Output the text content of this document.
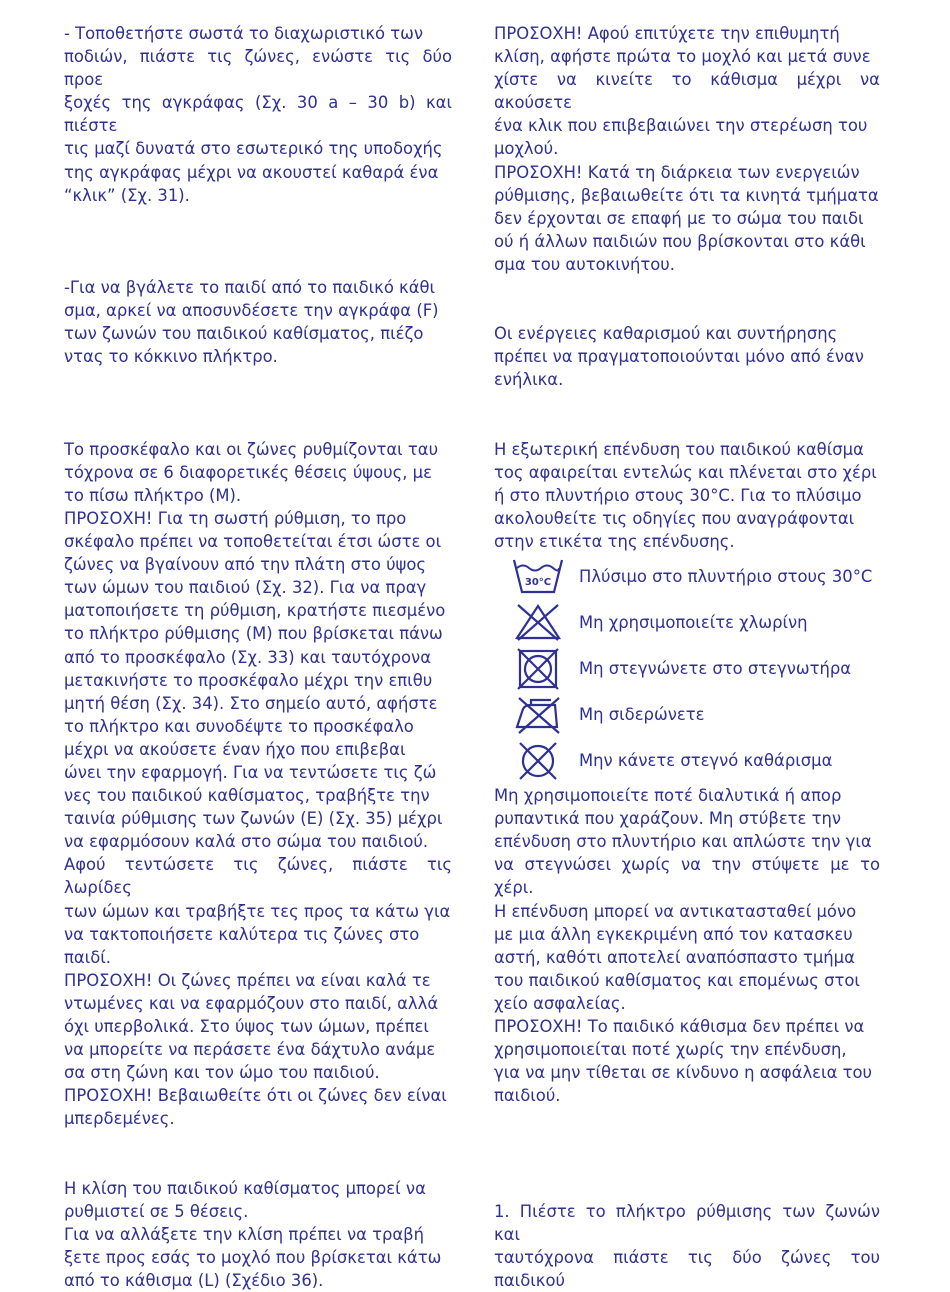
- Τοποθετήστε σωστά το διαχωριστικό των
ποδιών, πιάστε τις ζώνες, ενώστε τις δύο προε
ξοχές της αγκράφας (Σχ. 30 a – 30 b) και πιέστε
τις μαζί δυνατά στο εσωτερικό της υποδοχής
της αγκράφας μέχρι να ακουστεί καθαρά ένα
“κλικ” (Σχ. 31).

-Για να βγάλετε το παιδί από το παιδικό κάθι
σμα, αρκεί να αποσυνδέσετε την αγκράφα (F)
των ζωνών του παιδικού καθίσματος, πιέζο
ντας το κόκκινο πλήκτρο.

Το προσκέφαλο και οι ζώνες ρυθμίζονται ταυ
τόχρονα σε 6 διαφορετικές θέσεις ύψους, με
το πίσω πλήκτρο (M).
ΠΡΟΣΟΧΗ! Για τη σωστή ρύθμιση, το προ
σκέφαλο πρέπει να τοποθετείται έτσι ώστε οι
ζώνες να βγαίνουν από την πλάτη στο ύψος
των ώμων του παιδιού (Σχ. 32). Για να πραγ
ματοποιήσετε τη ρύθμιση, κρατήστε πιεσμένο
το πλήκτρο ρύθμισης (M) που βρίσκεται πάνω
από το προσκέφαλο (Σχ. 33) και ταυτόχρονα
μετακινήστε το προσκέφαλο μέχρι την επιθυ
μητή θέση (Σχ. 34). Στο σημείο αυτό, αφήστε
το πλήκτρο και συνοδέψτε το προσκέφαλο
μέχρι να ακούσετε έναν ήχο που επιβεβαι
ώνει την εφαρμογή. Για να τεντώσετε τις ζώ
νες του παιδικού καθίσματος, τραβήξτε την
ταινία ρύθμισης των ζωνών (E) (Σχ. 35) μέχρι
να εφαρμόσουν καλά στο σώμα του παιδιού.
Αφού τεντώσετε τις ζώνες, πιάστε τις λωρίδες
των ώμων και τραβήξτε τες προς τα κάτω για
να τακτοποιήσετε καλύτερα τις ζώνες στο
παιδί.
ΠΡΟΣΟΧΗ! Οι ζώνες πρέπει να είναι καλά τε
ντωμένες και να εφαρμόζουν στο παιδί, αλλά
όχι υπερβολικά. Στο ύψος των ώμων, πρέπει
να μπορείτε να περάσετε ένα δάχτυλο ανάμε
σα στη ζώνη και τον ώμο του παιδιού.
ΠΡΟΣΟΧΗ! Βεβαιωθείτε ότι οι ζώνες δεν είναι
μπερδεμένες.

Η κλίση του παιδικού καθίσματος μπορεί να
ρυθμιστεί σε 5 θέσεις.
Για να αλλάξετε την κλίση πρέπει να τραβή
ξετε προς εσάς το μοχλό που βρίσκεται κάτω
από το κάθισμα (L) (Σχέδιο 36).

ΠΡΟΣΟΧΗ! Αφού επιτύχετε την επιθυμητή
κλίση, αφήστε πρώτα το μοχλό και μετά συνε
χίστε να κινείτε το κάθισμα μέχρι να ακούσετε
ένα κλικ που επιβεβαιώνει την στερέωση του
μοχλού.
ΠΡΟΣΟΧΗ! Κατά τη διάρκεια των ενεργειών
ρύθμισης, βεβαιωθείτε ότι τα κινητά τμήματα
δεν έρχονται σε επαφή με το σώμα του παιδι
ού ή άλλων παιδιών που βρίσκονται στο κάθι
σμα του αυτοκινήτου.

Οι ενέργειες καθαρισμού και συντήρησης
πρέπει να πραγματοποιούνται μόνο από έναν
ενήλικα.

Η εξωτερική επένδυση του παιδικού καθίσμα
τος αφαιρείται εντελώς και πλένεται στο χέρι
ή στο πλυντήριο στους 30°C. Για το πλύσιμο
ακολουθείτε τις οδηγίες που αναγράφονται
στην ετικέτα της επένδυσης.

30°C Πλύσιμο στο πλυντήριο στους 30°C
Μη χρησιμοποιείτε χλωρίνη
Μη στεγνώνετε στο στεγνωτήρα
Μη σιδερώνετε
Μην κάνετε στεγνό καθάρισμα

Μη χρησιμοποιείτε ποτέ διαλυτικά ή απορ
ρυπαντικά που χαράζουν. Μη στύβετε την
επένδυση στο πλυντήριο και απλώστε την για
να στεγνώσει χωρίς να την στύψετε με το χέρι.
Η επένδυση μπορεί να αντικατασταθεί μόνο
με μια άλλη εγκεκριμένη από τον κατασκευ
αστή, καθότι αποτελεί αναπόσπαστο τμήμα
του παιδικού καθίσματος και επομένως στοι
χείο ασφαλείας.
ΠΡΟΣΟΧΗ! Το παιδικό κάθισμα δεν πρέπει να
χρησιμοποιείται ποτέ χωρίς την επένδυση,
για να μην τίθεται σε κίνδυνο η ασφάλεια του
παιδιού.

1. Πιέστε το πλήκτρο ρύθμισης των ζωνών και
ταυτόχρονα πιάστε τις δύο ζώνες του παιδικού
